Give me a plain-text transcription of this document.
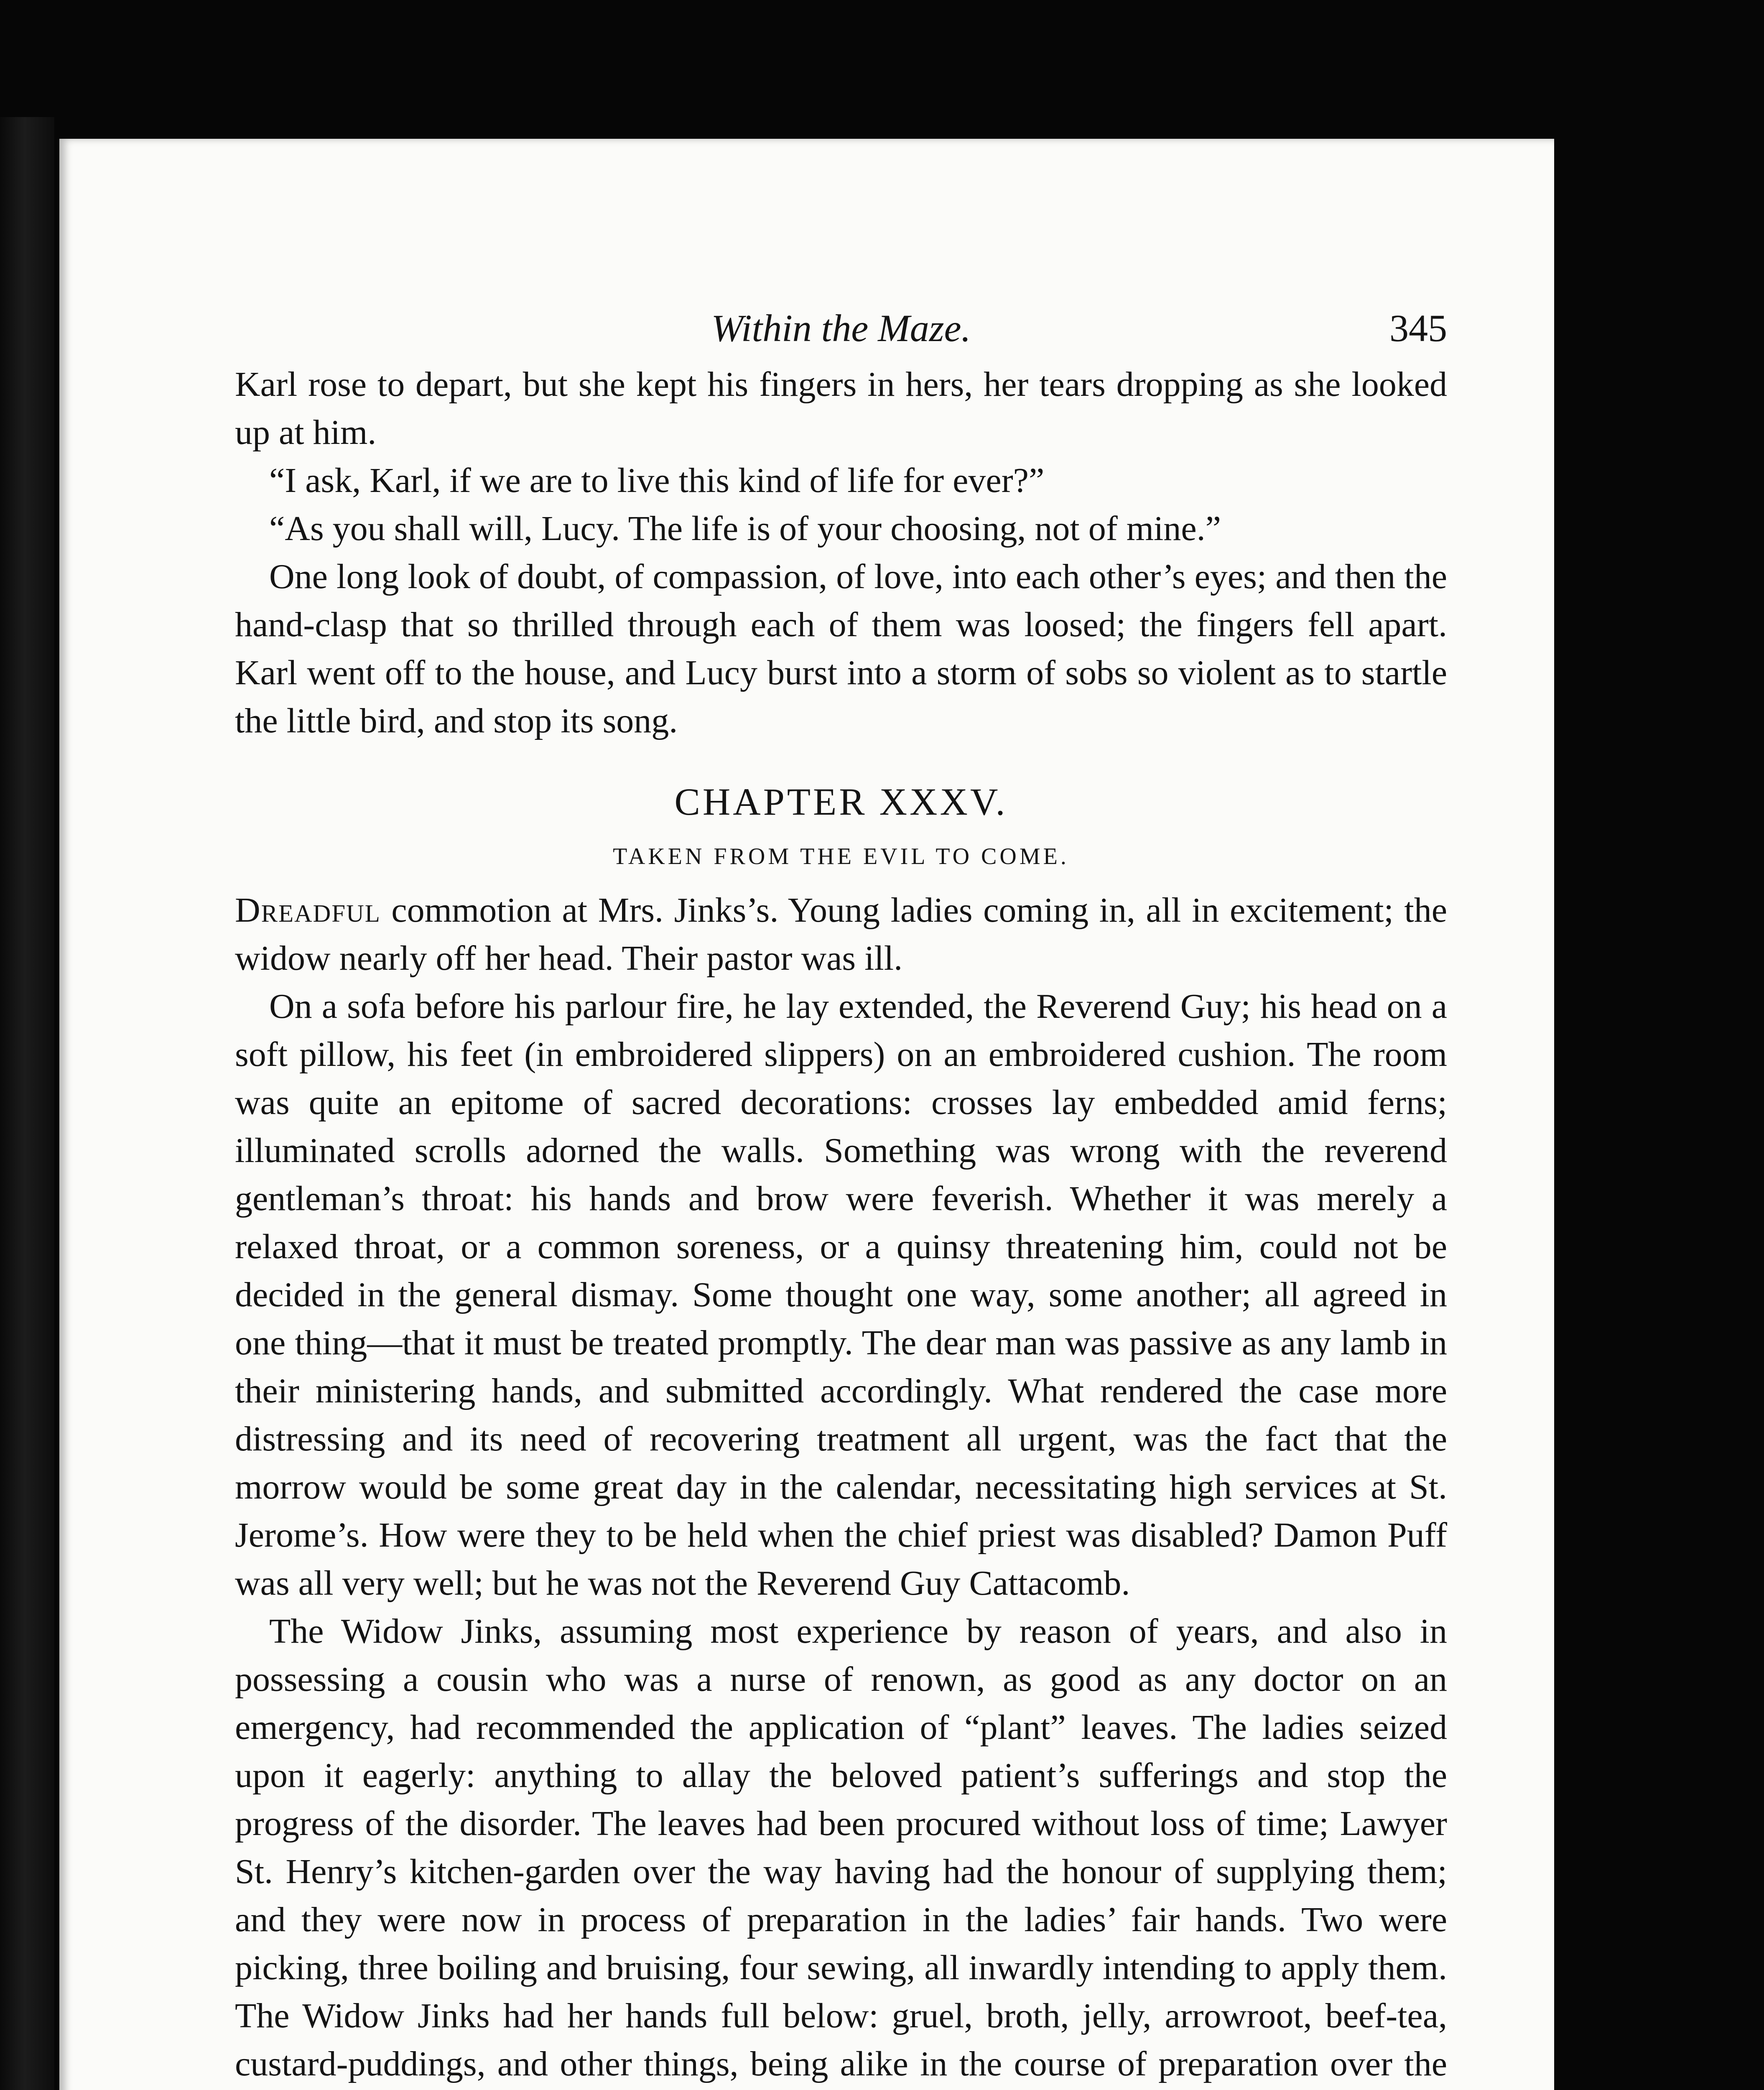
Within the Maze.	345

Karl rose to depart, but she kept his fingers in hers, her tears dropping as she looked up at him.

“I ask, Karl, if we are to live this kind of life for ever?”

“As you shall will, Lucy. The life is of your choosing, not of mine.”

One long look of doubt, of compassion, of love, into each other’s eyes; and then the hand-clasp that so thrilled through each of them was loosed; the fingers fell apart. Karl went off to the house, and Lucy burst into a storm of sobs so violent as to startle the little bird, and stop its song.

CHAPTER XXXV.
TAKEN FROM THE EVIL TO COME.

Dreadful commotion at Mrs. Jinks’s. Young ladies coming in, all in excitement; the widow nearly off her head. Their pastor was ill.

On a sofa before his parlour fire, he lay extended, the Reverend Guy; his head on a soft pillow, his feet (in embroidered slippers) on an embroidered cushion. The room was quite an epitome of sacred decorations: crosses lay embedded amid ferns; illuminated scrolls adorned the walls. Something was wrong with the reverend gentleman’s throat: his hands and brow were feverish. Whether it was merely a relaxed throat, or a common soreness, or a quinsy threatening him, could not be decided in the general dismay. Some thought one way, some another; all agreed in one thing—that it must be treated promptly. The dear man was passive as any lamb in their ministering hands, and submitted accordingly. What rendered the case more distressing and its need of recovering treatment all urgent, was the fact that the morrow would be some great day in the calendar, necessitating high services at St. Jerome’s. How were they to be held when the chief priest was disabled? Damon Puff was all very well; but he was not the Reverend Guy Cattacomb.

The Widow Jinks, assuming most experience by reason of years, and also in possessing a cousin who was a nurse of renown, as good as any doctor on an emergency, had recommended the application of “plant” leaves. The ladies seized upon it eagerly: anything to allay the beloved patient’s sufferings and stop the progress of the disorder. The leaves had been procured without loss of time; Lawyer St. Henry’s kitchen-garden over the way having had the honour of supplying them; and they were now in process of preparation in the ladies’ fair hands. Two were picking, three boiling and bruising, four sewing, all inwardly intending to apply them. The Widow Jinks had her hands full below: gruel, broth, jelly, arrowroot, beef-tea, custard-puddings, and other things, being alike in the course of preparation over the
